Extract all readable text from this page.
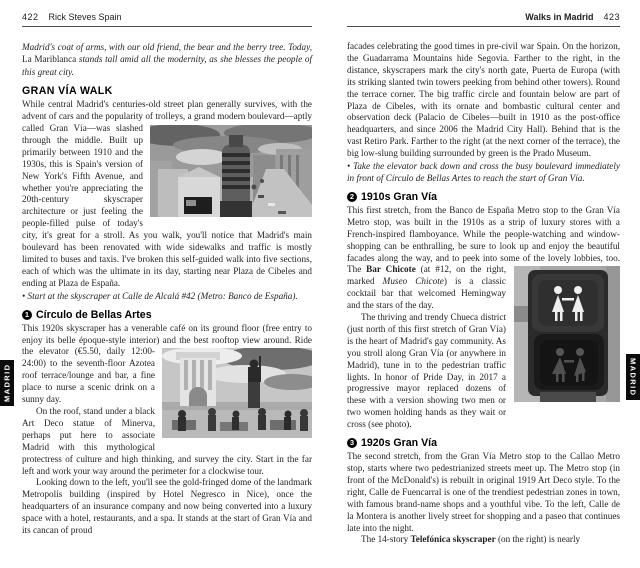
422 Rick Steves Spain

Madrid's coat of arms, with our old friend, the bear and the berry tree. Today, La Mariblanca stands tall amid all the modernity, as she blesses the people of this great city.

GRAN VÍA WALK

While central Madrid's centuries-old street plan generally survives, with the advent of cars and the popularity of trolleys, a grand modern boulevard—aptly called Gran Vía—was slashed through the middle. Built up primarily between 1910 and the 1930s, this is Spain's version of New York's Fifth Avenue, and whether you're appreciating the 20th-century skyscraper architecture or just feeling the people-filled pulse of today's city, it's great for a stroll. As you walk, you'll notice that Madrid's main boulevard has been renovated with wide sidewalks and traffic is mostly limited to buses and taxis. I've broken this self-guided walk into five sections, each of which was the ultimate in its day, starting near Plaza de Cibeles and ending at Plaza de España.

• Start at the skyscraper at Calle de Alcalá #42 (Metro: Banco de España).

1 Círculo de Bellas Artes

This 1920s skyscraper has a venerable café on its ground floor (free entry to enjoy its belle époque-style interior) and the best rooftop view around. Ride the elevator (€5.50, daily 12:00-24:00) to the seventh-floor Azotea roof terrace/lounge and bar, a fine place to nurse a scenic drink on a sunny day.

On the roof, stand under a black Art Deco statue of Minerva, perhaps put here to associate Madrid with this mythological protectress of culture and high thinking, and survey the city. Start in the far left and work your way around the perimeter for a clockwise tour.

Looking down to the left, you'll see the gold-fringed dome of the landmark Metropolis building (inspired by Hotel Negresco in Nice), once the headquarters of an insurance company and now being converted into a luxury space with a hotel, restaurants, and a spa. It stands at the start of Gran Vía and its cancan of proud

MADRID
Walks in Madrid 423

facades celebrating the good times in pre-civil war Spain. On the horizon, the Guadarrama Mountains hide Segovia. Farther to the right, in the distance, skyscrapers mark the city's north gate, Puerta de Europa (with its striking slanted twin towers peeking from behind other towers). Round the terrace corner. The big traffic circle and fountain below are part of Plaza de Cibeles, with its ornate and bombastic cultural center and observation deck (Palacio de Cibeles—built in 1910 as the post-office headquarters, and since 2006 the Madrid City Hall). Behind that is the vast Retiro Park. Farther to the right (at the next corner of the terrace), the big low-slung building surrounded by green is the Prado Museum.

• Take the elevator back down and cross the busy boulevard immediately in front of Círculo de Bellas Artes to reach the start of Gran Vía.

2 1910s Gran Vía

This first stretch, from the Banco de España Metro stop to the Gran Vía Metro stop, was built in the 1910s as a strip of luxury stores with a French-inspired flamboyance. While the people-watching and window-shopping can be enthralling, be sure to look up and enjoy the beautiful facades along the way, and to peek into some of the lovely lobbies, too.
The Bar Chicote (at #12, on the right, marked Museo Chicote) is a classic cocktail bar that welcomed Hemingway and the stars of the day.

The thriving and trendy Chueca district (just north of this first stretch of Gran Vía) is the heart of Madrid's gay community. As you stroll along Gran Vía (or anywhere in Madrid), tune in to the pedestrian traffic lights. In honor of Pride Day, in 2017 a progressive mayor replaced dozens of these with a version showing two men or two women holding hands as they wait or cross (see photo).

3 1920s Gran Vía

The second stretch, from the Gran Vía Metro stop to the Callao Metro stop, starts where two pedestrianized streets meet up. The Metro stop (in front of the McDonald's) is rebuilt in original 1919 Art Deco style. To the right, Calle de Fuencarral is one of the trendiest pedestrian zones in town, with famous brand-name shops and a youthful vibe. To the left, Calle de la Montera is another lively street for shopping and a paseo that continues late into the night.

The 14-story Telefónica skyscraper (on the right) is nearly

MADRID
